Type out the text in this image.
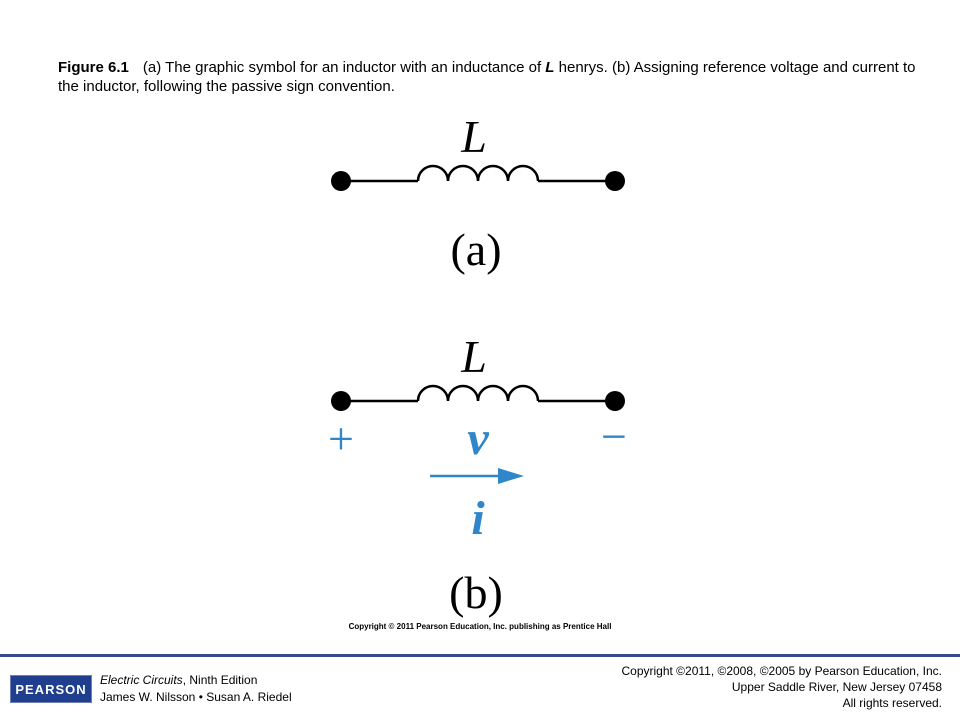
Figure 6.1 (a) The graphic symbol for an inductor with an inductance of L henrys. (b) Assigning reference voltage and current to the inductor, following the passive sign convention.
L
(a)
L
+ v −
i
(b)
Copyright © 2011 Pearson Education, Inc. publishing as Prentice Hall
PEARSON
Electric Circuits, Ninth Edition
James W. Nilsson • Susan A. Riedel
Copyright ©2011, ©2008, ©2005 by Pearson Education, Inc.
Upper Saddle River, New Jersey 07458
All rights reserved.
